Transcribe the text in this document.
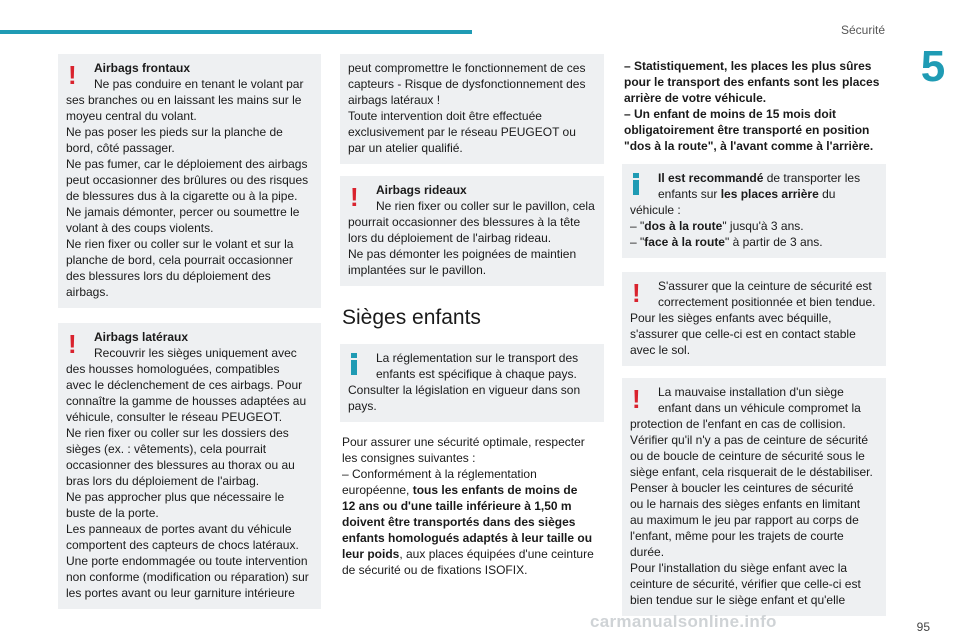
Sécurité
5
!	Airbags frontaux

Ne pas conduire en tenant le volant par

ses branches ou en laissant les mains sur le

moyeu central du volant.

Ne pas poser les pieds sur la planche de

bord, côté passager.

Ne pas fumer, car le déploiement des airbags

peut occasionner des brûlures ou des risques

de blessures dus à la cigarette ou à la pipe.

Ne jamais démonter, percer ou soumettre le

volant à des coups violents.

Ne rien fixer ou coller sur le volant et sur la

planche de bord, cela pourrait occasionner

des blessures lors du déploiement des

airbags.

!	Airbags latéraux

Recouvrir les sièges uniquement avec

des housses homologuées, compatibles

avec le déclenchement de ces airbags. Pour

connaître la gamme de housses adaptées au

véhicule, consulter le réseau PEUGEOT.

Ne rien fixer ou coller sur les dossiers des

sièges (ex. : vêtements), cela pourrait

occasionner des blessures au thorax ou au

bras lors du déploiement de l'airbag.

Ne pas approcher plus que nécessaire le

buste de la porte.

Les panneaux de portes avant du véhicule

comportent des capteurs de chocs latéraux.

Une porte endommagée ou toute intervention

non conforme (modification ou réparation) sur

les portes avant ou leur garniture intérieure

peut compromettre le fonctionnement de ces

capteurs - Risque de dysfonctionnement des

airbags latéraux !

Toute intervention doit être effectuée

exclusivement par le réseau PEUGEOT ou

par un atelier qualifié.

!	Airbags rideaux

Ne rien fixer ou coller sur le pavillon, cela

pourrait occasionner des blessures à la tête

lors du déploiement de l'airbag rideau.

Ne pas démonter les poignées de maintien

implantées sur le pavillon.

Sièges enfants

La réglementation sur le transport des

enfants est spécifique à chaque pays.

Consulter la législation en vigueur dans son

pays.

Pour assurer une sécurité optimale, respecter
les consignes suivantes :
– Conformément à la réglementation
européenne, tous les enfants de moins de
12 ans ou d'une taille inférieure à 1,50 m
doivent être transportés dans des sièges
enfants homologués adaptés à leur taille ou
leur poids, aux places équipées d'une ceinture
de sécurité ou de fixations ISOFIX.
– Statistiquement, les places les plus sûres
pour le transport des enfants sont les places
arrière de votre véhicule.
– Un enfant de moins de 15 mois doit
obligatoirement être transporté en position
"dos à la route", à l'avant comme à l'arrière.

Il est recommandé de transporter les

enfants sur les places arrière du

véhicule :

– "dos à la route" jusqu'à 3 ans.

– "face à la route" à partir de 3 ans.

!	S'assurer que la ceinture de sécurité est

correctement positionnée et bien tendue.

Pour les sièges enfants avec béquille,

s'assurer que celle-ci est en contact stable

avec le sol.

!	La mauvaise installation d'un siège

enfant dans un véhicule compromet la

protection de l'enfant en cas de collision.

Vérifier qu'il n'y a pas de ceinture de sécurité

ou de boucle de ceinture de sécurité sous le

siège enfant, cela risquerait de le déstabiliser.

Penser à boucler les ceintures de sécurité

ou le harnais des sièges enfants en limitant

au maximum le jeu par rapport au corps de

l'enfant, même pour les trajets de courte

durée.

Pour l'installation du siège enfant avec la

ceinture de sécurité, vérifier que celle-ci est

bien tendue sur le siège enfant et qu'elle

carmanualsonline.info	95
